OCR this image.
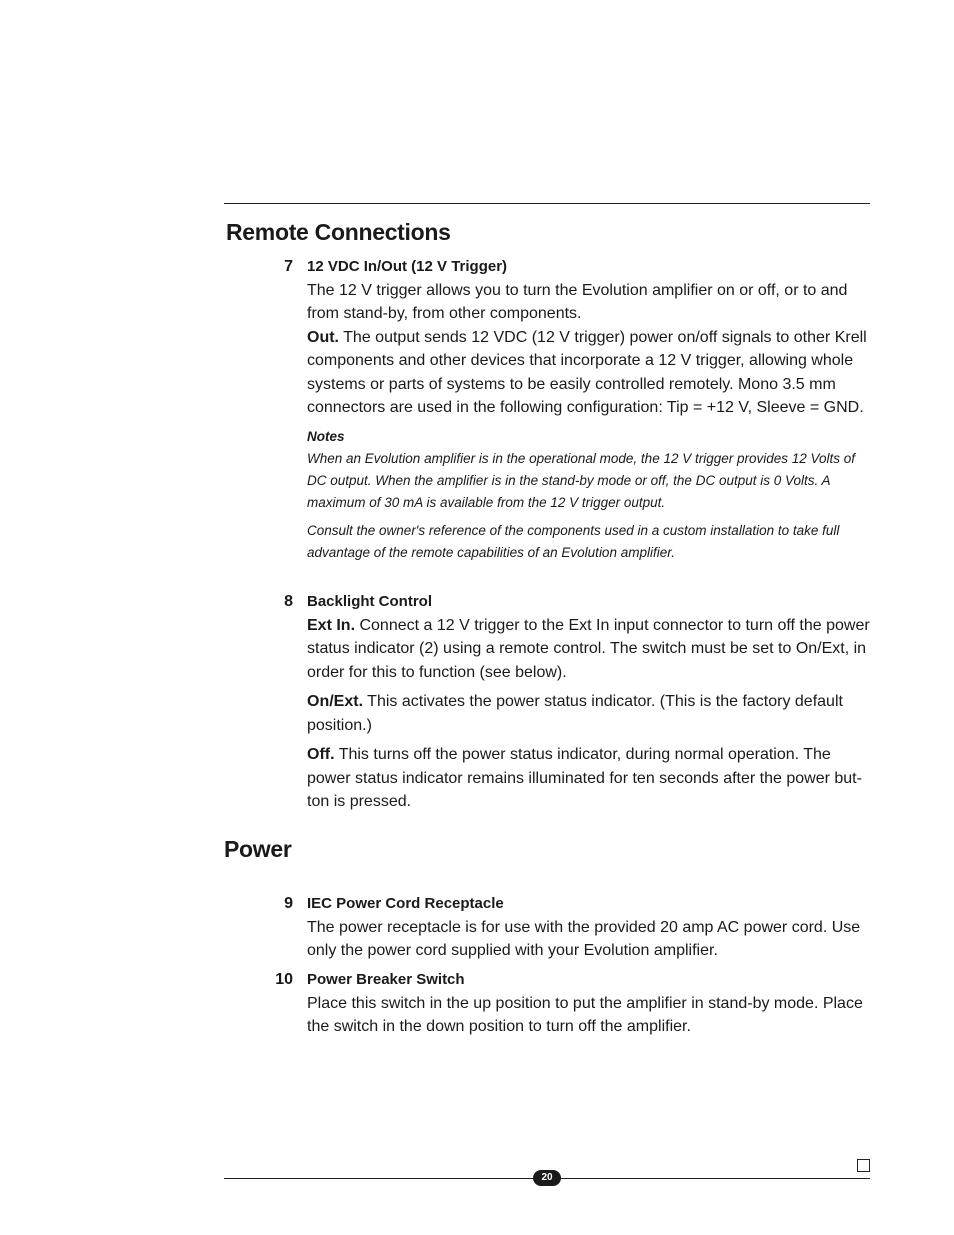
Remote Connections
7 12 VDC In/Out (12 V Trigger)

The 12 V trigger allows you to turn the Evolution amplifier on or off, or to and from stand-by, from other components.

Out. The output sends 12 VDC (12 V trigger) power on/off signals to other Krell components and other devices that incorporate a 12 V trigger, allowing whole systems or parts of systems to be easily controlled remotely. Mono 3.5 mm connectors are used in the following configuration: Tip = +12 V, Sleeve = GND.

Notes

When an Evolution amplifier is in the operational mode, the 12 V trigger provides 12 Volts of DC output. When the amplifier is in the stand-by mode or off, the DC output is 0 Volts. A maximum of 30 mA is available from the 12 V trigger output.

Consult the owner's reference of the components used in a custom installation to take full advantage of the remote capabilities of an Evolution amplifier.

8 Backlight Control

Ext In. Connect a 12 V trigger to the Ext In input connector to turn off the power status indicator (2) using a remote control. The switch must be set to On/Ext, in order for this to function (see below).

On/Ext. This activates the power status indicator. (This is the factory default position.)

Off. This turns off the power status indicator, during normal operation. The power status indicator remains illuminated for ten seconds after the power but-ton is pressed.

Power
9 IEC Power Cord Receptacle

The power receptacle is for use with the provided 20 amp AC power cord. Use only the power cord supplied with your Evolution amplifier.

10 Power Breaker Switch

Place this switch in the up position to put the amplifier in stand-by mode. Place the switch in the down position to turn off the amplifier.

20
